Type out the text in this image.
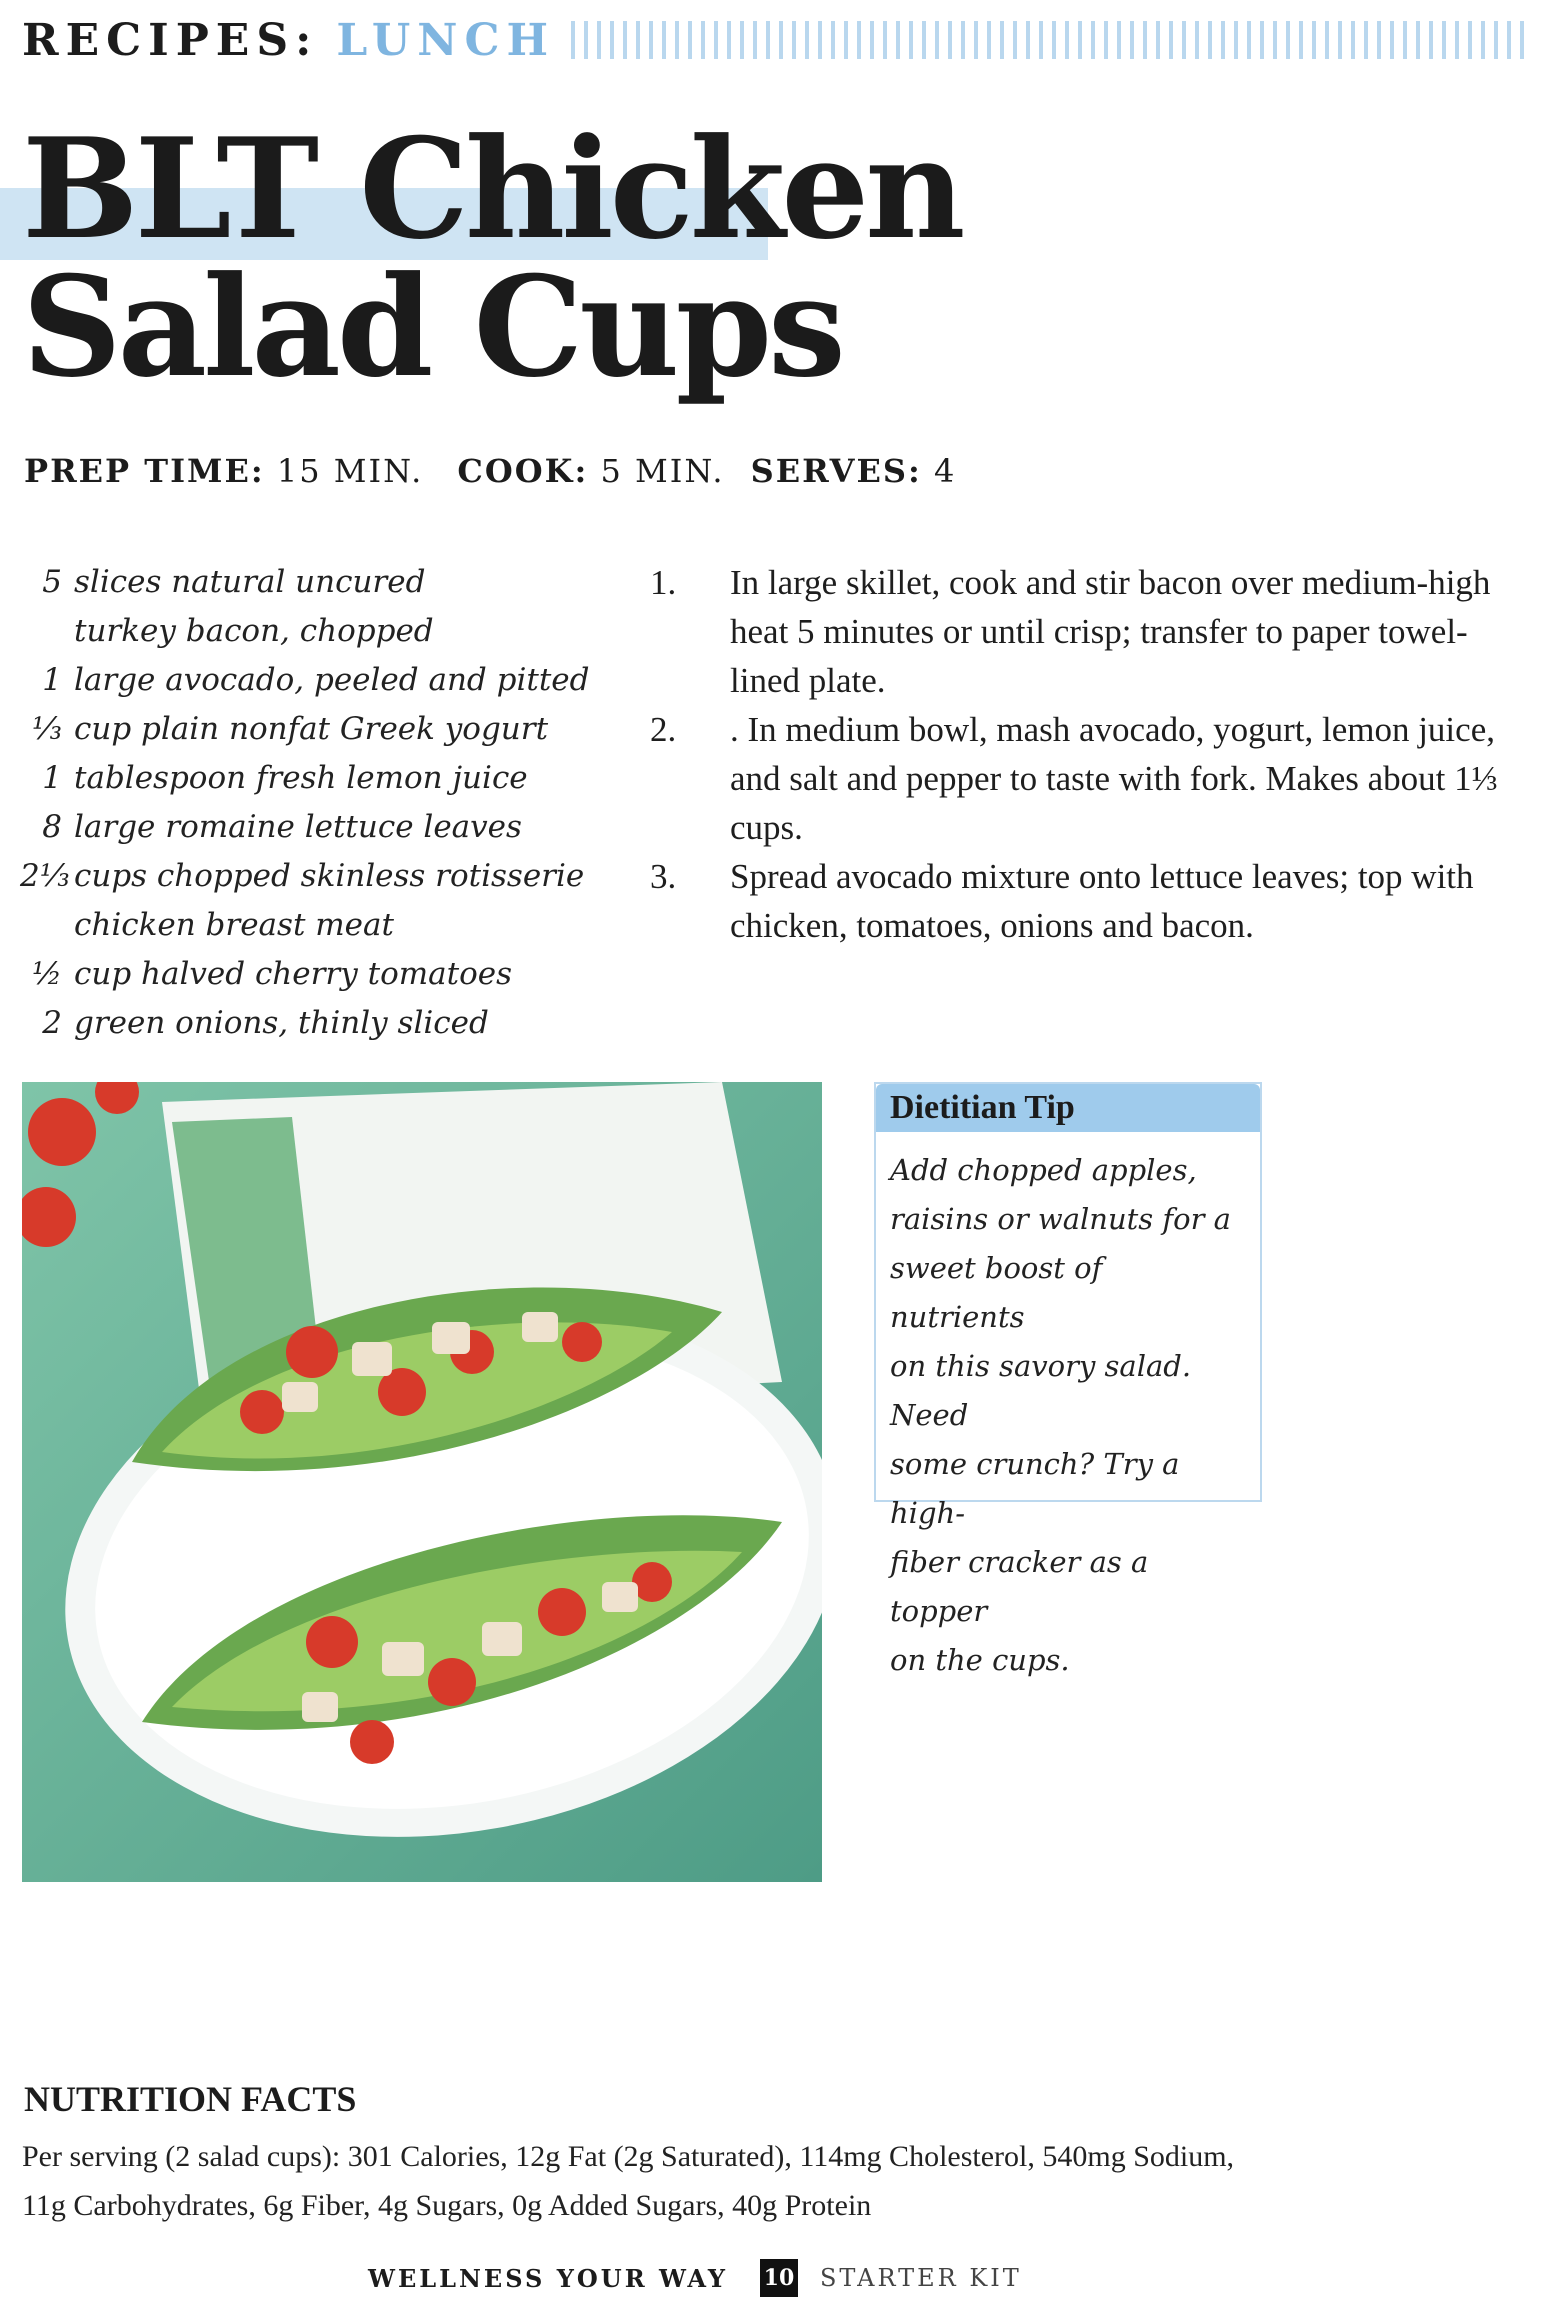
RECIPES: LUNCH
BLT Chicken
Salad Cups
PREP TIME: 15 MIN. COOK: 5 MIN. SERVES: 4
5 slices natural uncured
turkey bacon, chopped
1 large avocado, peeled and pitted
⅓ cup plain nonfat Greek yogurt
1 tablespoon fresh lemon juice
8 large romaine lettuce leaves
2⅓ cups chopped skinless rotisserie
chicken breast meat
½ cup halved cherry tomatoes
2 green onions, thinly sliced
1.	In large skillet, cook and stir bacon over medium-high heat 5 minutes or until crisp; transfer to paper towel-lined plate.
2.	. In medium bowl, mash avocado, yogurt, lemon juice, and salt and pepper to taste with fork. Makes about 1⅓ cups.
3.	Spread avocado mixture onto lettuce leaves; top with chicken, tomatoes, onions and bacon.
Dietitian Tip
Add chopped apples,
raisins or walnuts for a
sweet boost of nutrients
on this savory salad. Need
some crunch? Try a high-
fiber cracker as a topper
on the cups.
NUTRITION FACTS
Per serving (2 salad cups): 301 Calories, 12g Fat (2g Saturated), 114mg Cholesterol, 540mg Sodium,
11g Carbohydrates, 6g Fiber, 4g Sugars, 0g Added Sugars, 40g Protein
WELLNESS YOUR WAY 10 STARTER KIT
